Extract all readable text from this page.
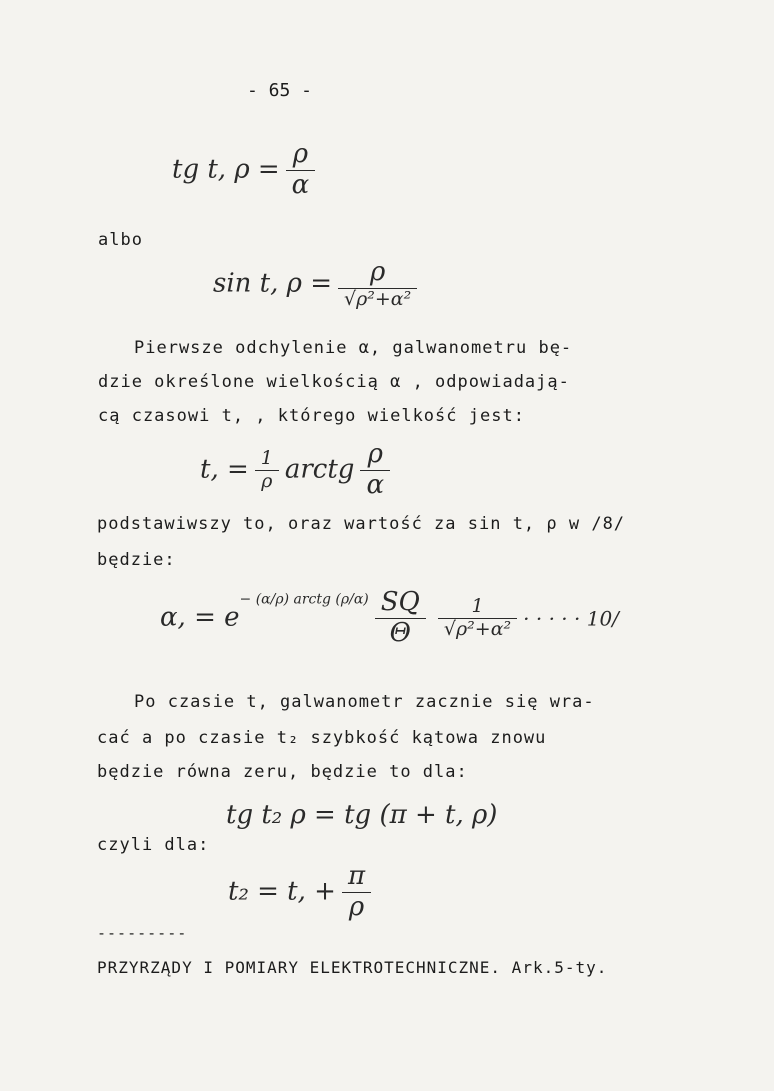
- 65 -
tg t, $\rho = \frac{\rho}{\alpha}$
albo
sin t, $\rho = \frac{\rho}{\text{√ρ²+α²}}$
Pierwsze odchylenie α, galwanometru bę-
dzie określone wielkością α , odpowiadają-
cą czasowi t, , którego wielkość jest:
t, = $\frac{1}{\rho}$ arctg $\frac{\rho}{\alpha}$
podstawiwszy to, oraz wartość za sin t, ρ w /8/
będzie:
α, = $e^{- (\alpha/\rho) arctg (\rho/\alpha)} \frac{SQ}{\Theta} \frac{1}{\text{√ρ²+α²}}$ · · · · · 10/
Po czasie t, galwanometr zacznie się wra-
cać a po czasie t₂ szybkość kątowa znowu
będzie równa zeru, będzie to dla:
tg t₂ ρ = tg (π + t, ρ)
czyli dla:
t₂ = t, + $\frac{\pi}{\rho}$
---------
PRZYRZĄDY I POMIARY ELEKTROTECHNICZNE. Ark.5-ty.
